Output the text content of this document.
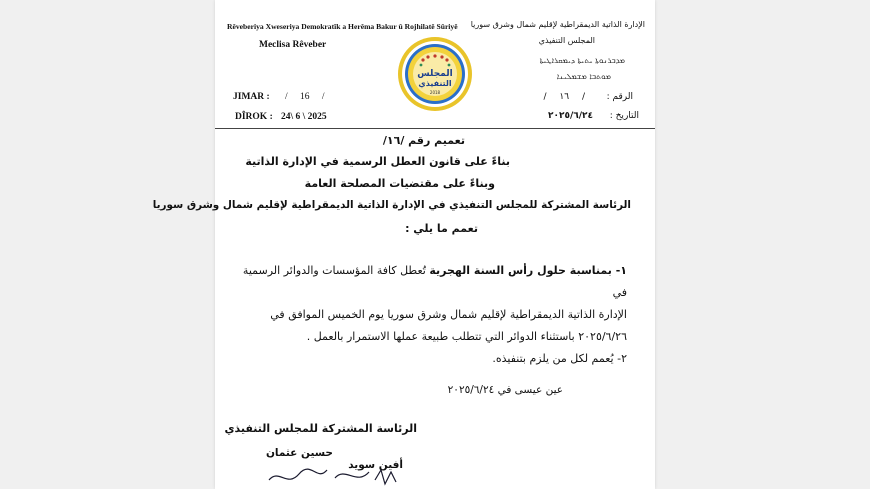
Rêveberiya Xweseriya Demokratîk a Herêma Bakur û Rojhilatê Sûriyê
Meclisa Rêveber
الإدارة الذاتية الديمقراطية لإقليم شمال وشرق سوريا
المجلس التنفيذي
ܡܕܒܪܢܘܬܐ ܝܬܝܬܐ ܕܝܡܩܪܐܛܝܬܐ
ܡܘܬܒܐ ܡܫܡܠܝܢܐ
المجلس
التنفيذي
2018
JIMAR : / 16 /
DÎROK : 24\ 6 \ 2025
الرقم :
/ ١٦ /
التاريخ :
٢٠٢٥/٦/٢٤
تعميم رقم /١٦/
بناءً على قانون العطل الرسمية في الإدارة الذاتية
وبناءً على مقتضيات المصلحة العامة
الرئاسة المشتركة للمجلس التنفيذي في الإدارة الذاتية الديمقراطية لإقليم شمال وشرق سوريا
تعمم ما يلي :
١- بمناسبة حلول رأس السنة الهجرية تُعطل كافة المؤسسات والدوائر الرسمية في
الإدارة الذاتية الديمقراطية لإقليم شمال وشرق سوريا يوم الخميس الموافق في
٢٠٢٥/٦/٢٦ باستثناء الدوائر التي تتطلب طبيعة عملها الاستمرار بالعمل .
٢- يُعمم لكل من يلزم بتنفيذه.
عين عيسى في ٢٠٢٥/٦/٢٤
الرئاسة المشتركة للمجلس التنفيذي
حسين عثمان
أفين سويد
